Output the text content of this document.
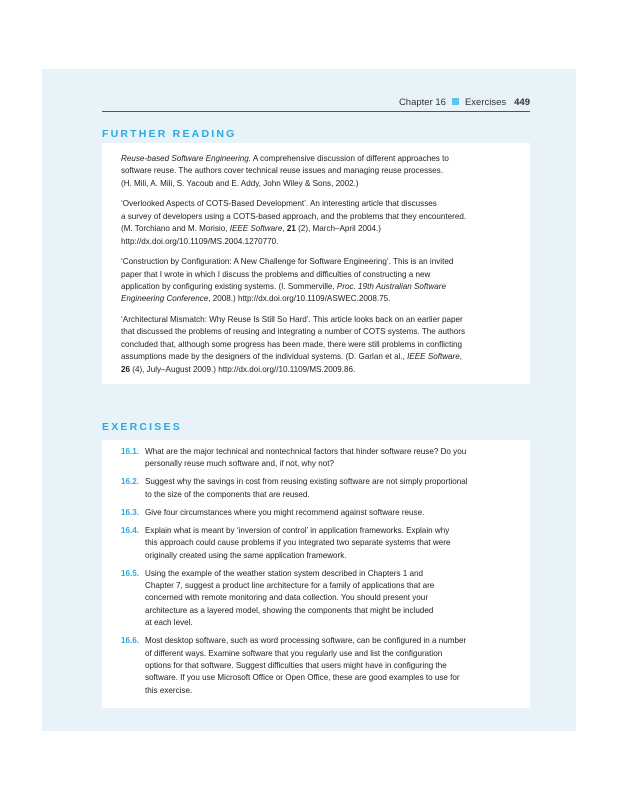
Chapter 16 Exercises 449
FURTHER READING

Reuse-based Software Engineering. A comprehensive discussion of different approaches to
software reuse. The authors cover technical reuse issues and managing reuse processes.
(H. Mili, A. Mili, S. Yacoub and E. Addy, John Wiley & Sons, 2002.)

‘Overlooked Aspects of COTS-Based Development’. An interesting article that discusses
a survey of developers using a COTS-based approach, and the problems that they encountered.
(M. Torchiano and M. Morisio, IEEE Software, 21 (2), March–April 2004.)
http://dx.doi.org/10.1109/MS.2004.1270770.

‘Construction by Configuration: A New Challenge for Software Engineering’. This is an invited
paper that I wrote in which I discuss the problems and difficulties of constructing a new
application by configuring existing systems. (I. Sommerville, Proc. 19th Australian Software
Engineering Conference, 2008.) http://dx.doi.org/10.1109/ASWEC.2008.75.

‘Architectural Mismatch: Why Reuse Is Still So Hard’. This article looks back on an earlier paper
that discussed the problems of reusing and integrating a number of COTS systems. The authors
concluded that, although some progress has been made, there were still problems in conflicting
assumptions made by the designers of the individual systems. (D. Garlan et al., IEEE Software,
26 (4), July–August 2009.) http://dx.doi.org//10.1109/MS.2009.86.

EXERCISES
16.1. What are the major technical and nontechnical factors that hinder software reuse? Do you
personally reuse much software and, if not, why not?
16.2. Suggest why the savings in cost from reusing existing software are not simply proportional
to the size of the components that are reused.
16.3. Give four circumstances where you might recommend against software reuse.
16.4. Explain what is meant by ‘inversion of control’ in application frameworks. Explain why
this approach could cause problems if you integrated two separate systems that were
originally created using the same application framework.
16.5. Using the example of the weather station system described in Chapters 1 and
Chapter 7, suggest a product line architecture for a family of applications that are
concerned with remote monitoring and data collection. You should present your
architecture as a layered model, showing the components that might be included
at each level.
16.6. Most desktop software, such as word processing software, can be configured in a number
of different ways. Examine software that you regularly use and list the configuration
options for that software. Suggest difficulties that users might have in configuring the
software. If you use Microsoft Office or Open Office, these are good examples to use for
this exercise.
